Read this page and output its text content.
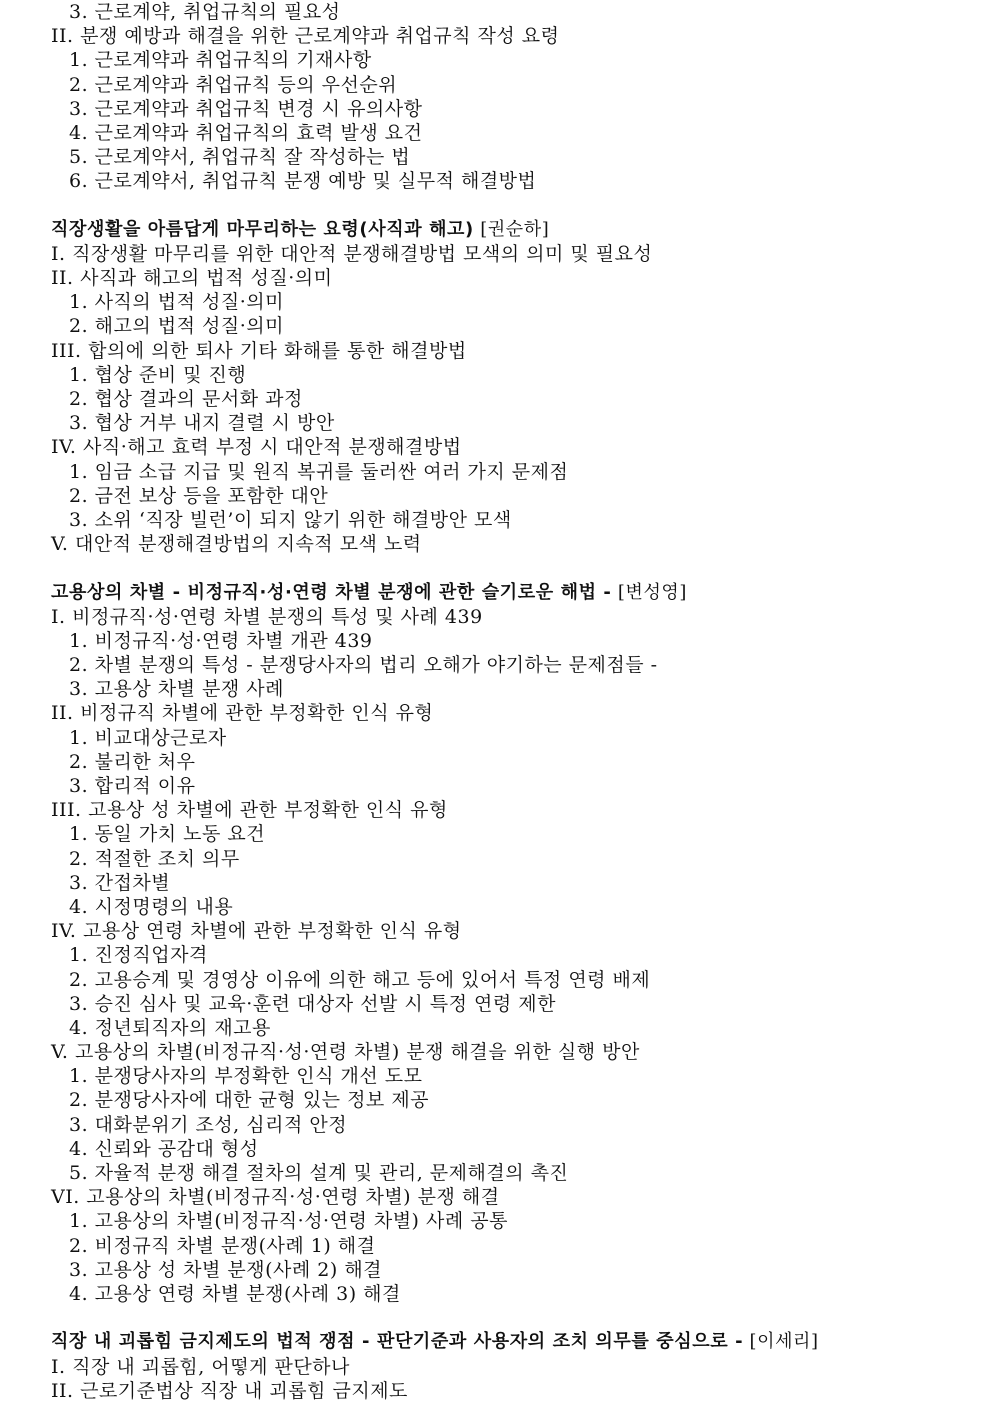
3. 근로계약, 취업규칙의 필요성
II. 분쟁 예방과 해결을 위한 근로계약과 취업규칙 작성 요령
1. 근로계약과 취업규칙의 기재사항
2. 근로계약과 취업규칙 등의 우선순위
3. 근로계약과 취업규칙 변경 시 유의사항
4. 근로계약과 취업규칙의 효력 발생 요건
5. 근로계약서, 취업규칙 잘 작성하는 법
6. 근로계약서, 취업규칙 분쟁 예방 및 실무적 해결방법
직장생활을 아름답게 마무리하는 요령(사직과 해고) [권순하]
I. 직장생활 마무리를 위한 대안적 분쟁해결방법 모색의 의미 및 필요성
II. 사직과 해고의 법적 성질·의미
1. 사직의 법적 성질·의미
2. 해고의 법적 성질·의미
III. 합의에 의한 퇴사 기타 화해를 통한 해결방법
1. 협상 준비 및 진행
2. 협상 결과의 문서화 과정
3. 협상 거부 내지 결렬 시 방안
IV. 사직·해고 효력 부정 시 대안적 분쟁해결방법
1. 임금 소급 지급 및 원직 복귀를 둘러싼 여러 가지 문제점
2. 금전 보상 등을 포함한 대안
3. 소위 ‘직장 빌런’이 되지 않기 위한 해결방안 모색
V. 대안적 분쟁해결방법의 지속적 모색 노력
고용상의 차별 - 비정규직·성·연령 차별 분쟁에 관한 슬기로운 해법 - [변성영]
I. 비정규직·성·연령 차별 분쟁의 특성 및 사례 439
1. 비정규직·성·연령 차별 개관 439
2. 차별 분쟁의 특성 - 분쟁당사자의 법리 오해가 야기하는 문제점들 -
3. 고용상 차별 분쟁 사례
II. 비정규직 차별에 관한 부정확한 인식 유형
1. 비교대상근로자
2. 불리한 처우
3. 합리적 이유
III. 고용상 성 차별에 관한 부정확한 인식 유형
1. 동일 가치 노동 요건
2. 적절한 조치 의무
3. 간접차별
4. 시정명령의 내용
IV. 고용상 연령 차별에 관한 부정확한 인식 유형
1. 진정직업자격
2. 고용승계 및 경영상 이유에 의한 해고 등에 있어서 특정 연령 배제
3. 승진 심사 및 교육·훈련 대상자 선발 시 특정 연령 제한
4. 정년퇴직자의 재고용
V. 고용상의 차별(비정규직·성·연령 차별) 분쟁 해결을 위한 실행 방안
1. 분쟁당사자의 부정확한 인식 개선 도모
2. 분쟁당사자에 대한 균형 있는 정보 제공
3. 대화분위기 조성, 심리적 안정
4. 신뢰와 공감대 형성
5. 자율적 분쟁 해결 절차의 설계 및 관리, 문제해결의 촉진
VI. 고용상의 차별(비정규직·성·연령 차별) 분쟁 해결
1. 고용상의 차별(비정규직·성·연령 차별) 사례 공통
2. 비정규직 차별 분쟁(사례 1) 해결
3. 고용상 성 차별 분쟁(사례 2) 해결
4. 고용상 연령 차별 분쟁(사례 3) 해결
직장 내 괴롭힘 금지제도의 법적 쟁점 - 판단기준과 사용자의 조치 의무를 중심으로 - [이세리]
I. 직장 내 괴롭힘, 어떻게 판단하나
II. 근로기준법상 직장 내 괴롭힘 금지제도
